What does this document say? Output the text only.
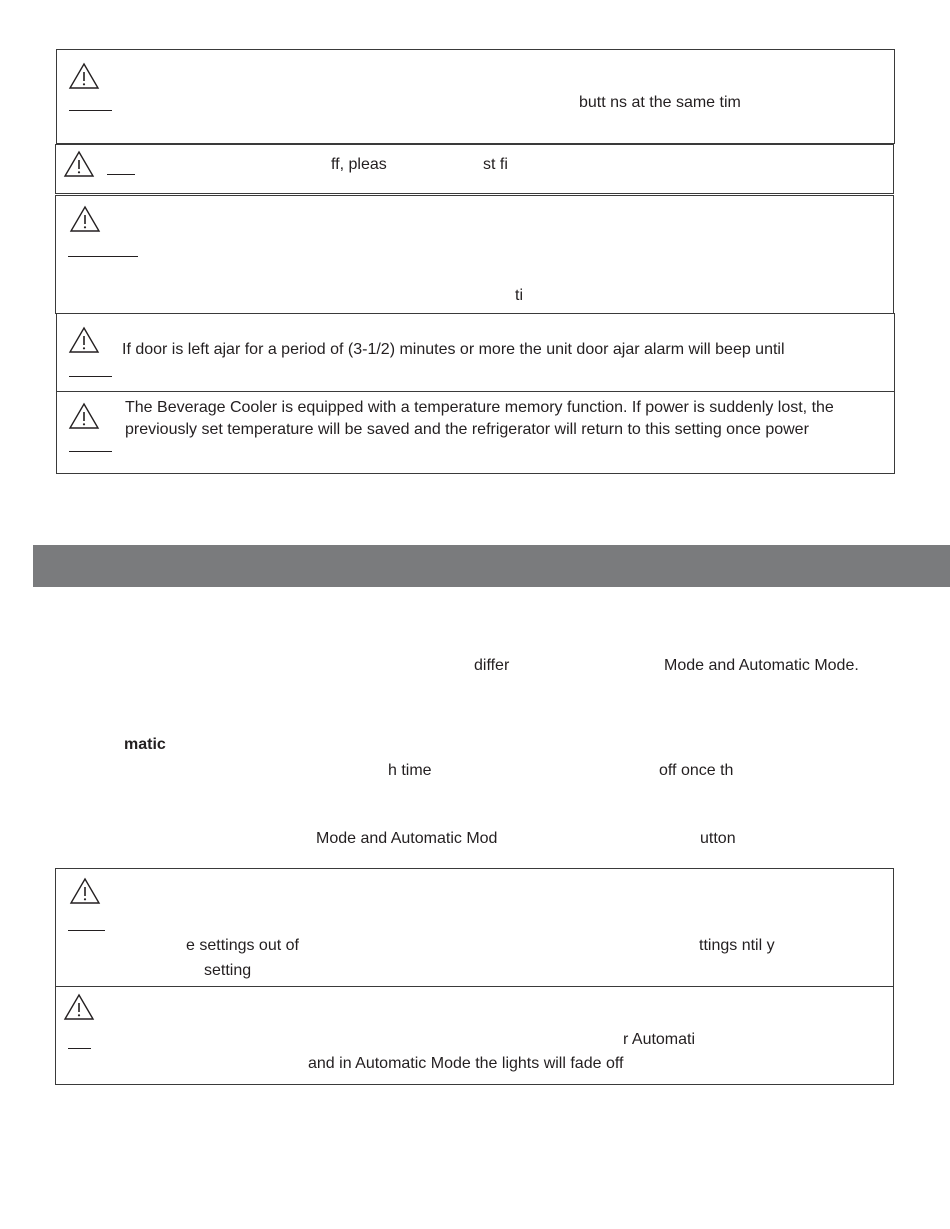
butt ns at the same tim
ff, pleas	st fi
ti
If door is left ajar for a period of (3-1/2) minutes or more the unit door ajar alarm will beep until
The Beverage Cooler is equipped with a temperature memory function. If power is suddenly lost, the
previously set temperature will be saved and the refrigerator will return to this setting once power
differ	Mode and Automatic Mode.
matic
h time	off once th
Mode and Automatic Mod	utton
e settings out of	ttings ntil y
setting
r Automati
and in Automatic Mode the lights will fade off
